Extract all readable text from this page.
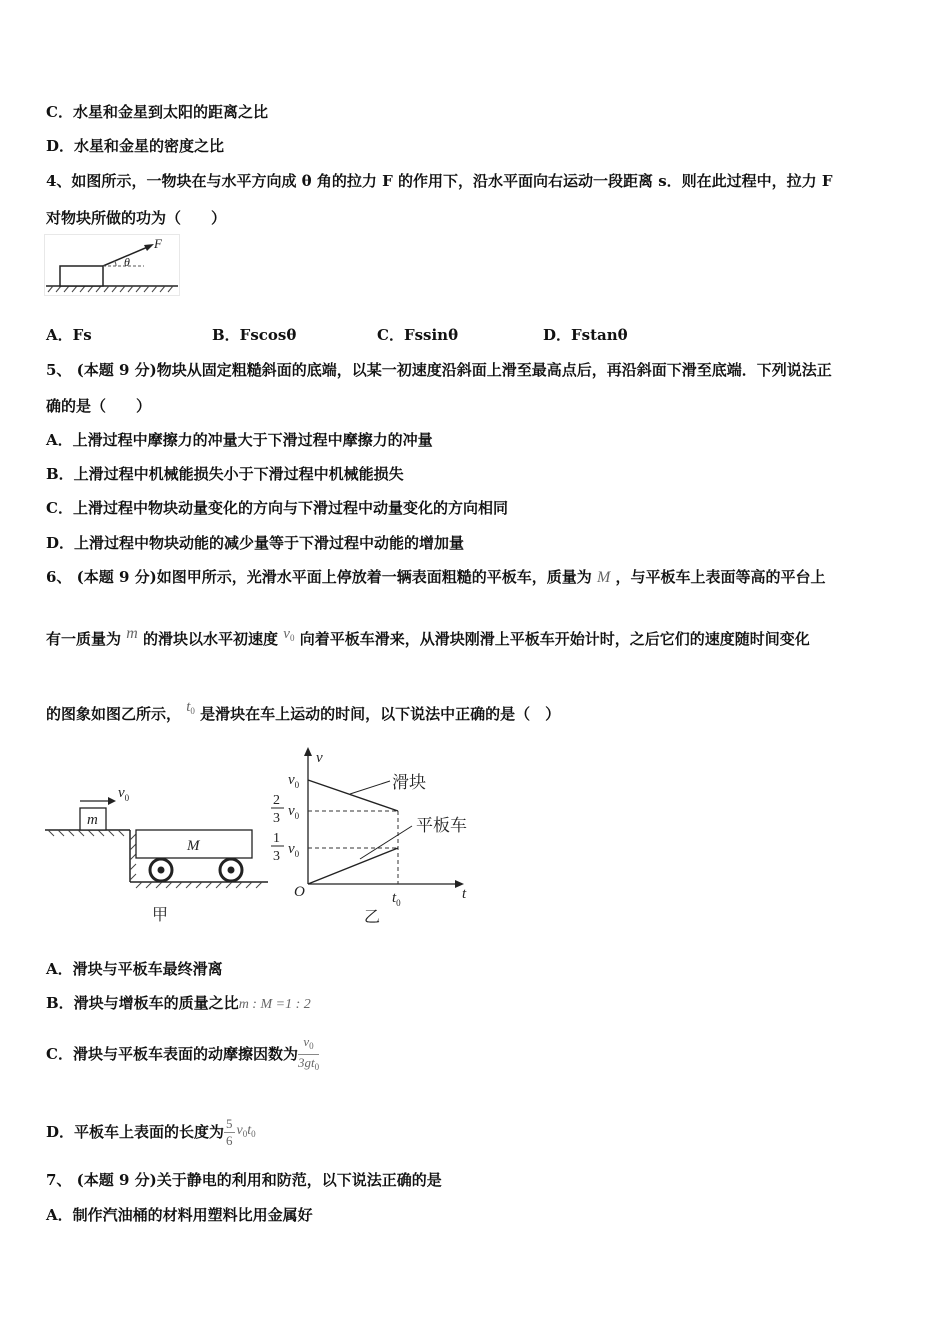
C．水星和金星到太阳的距离之比
D．水星和金星的密度之比
4、如图所示，一物块在与水平方向成 θ 角的拉力 F 的作用下，沿水平面向右运动一段距离 s．则在此过程中，拉力 F
对物块所做的功为（　　）
F
θ
A．Fs	B．Fscosθ	C．Fssinθ	D．Fstanθ
5、 (本题 9 分)物块从固定粗糙斜面的底端，以某一初速度沿斜面上滑至最高点后，再沿斜面下滑至底端．下列说法正
确的是（　　）
A．上滑过程中摩擦力的冲量大于下滑过程中摩擦力的冲量
B．上滑过程中机械能损失小于下滑过程中机械能损失
C．上滑过程中物块动量变化的方向与下滑过程中动量变化的方向相同
D．上滑过程中物块动能的减少量等于下滑过程中动能的增加量
6、 (本题 9 分)如图甲所示，光滑水平面上停放着一辆表面粗糙的平板车，质量为 M ，与平板车上表面等高的平台上
有一质量为 m 的滑块以水平初速度 $v_0$ 向着平板车滑来，从滑块刚滑上平板车开始计时，之后它们的速度随时间变化
的图象如图乙所示， $t_0$ 是滑块在车上运动的时间，以下说法中正确的是（　）
m
$v_0$
M
甲
v
t
O
$v_0$
2
3 $v_0$
1
3 $v_0$
滑块
平板车
$t_0$
乙
A．滑块与平板车最终滑离
B．滑块与增板车的质量之比m : M =1 : 2
C．滑块与平板车表面的动摩擦因数为 $\frac{v_0}{3gt_0}$
D．平板车上表面的长度为 $\frac{5}{6} v_0t_0$
7、 (本题 9 分)关于静电的利用和防范，以下说法正确的是
A．制作汽油桶的材料用塑料比用金属好
